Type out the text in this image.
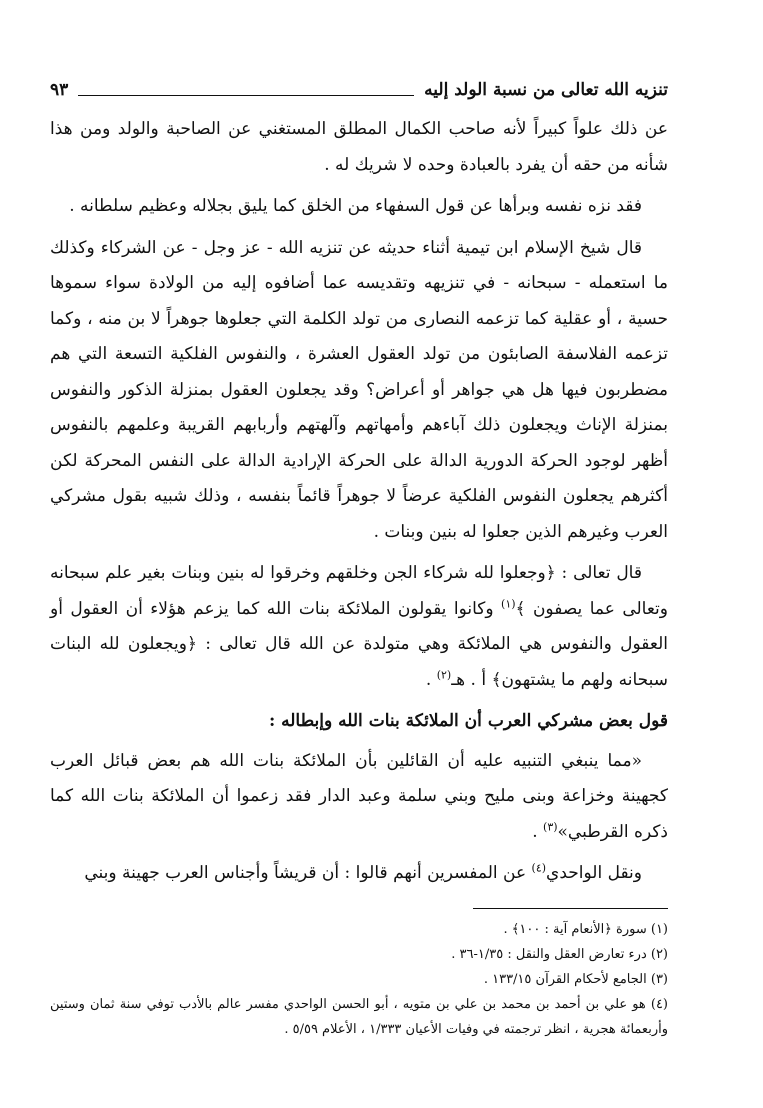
تنزيه الله تعالى من نسبة الولد إليه
٩٣

عن ذلك علواً كبيراً لأنه صاحب الكمال المطلق المستغني عن الصاحبة والولد ومن هذا شأنه من حقه أن يفرد بالعبادة وحده لا شريك له .

فقد نزه نفسه وبرأها عن قول السفهاء من الخلق كما يليق بجلاله وعظيم سلطانه .

قال شيخ الإسلام ابن تيمية أثناء حديثه عن تنزيه الله - عز وجل - عن الشركاء وكذلك ما استعمله - سبحانه - في تنزيهه وتقديسه عما أضافوه إليه من الولادة سواء سموها حسية ، أو عقلية كما تزعمه النصارى من تولد الكلمة التي جعلوها جوهراً لا بن منه ، وكما تزعمه الفلاسفة الصابئون من تولد العقول العشرة ، والنفوس الفلكية التسعة التي هم مضطربون فيها هل هي جواهر أو أعراض؟ وقد يجعلون العقول بمنزلة الذكور والنفوس بمنزلة الإناث ويجعلون ذلك آباءهم وأمهاتهم وآلهتهم وأربابهم القريبة وعلمهم بالنفوس أظهر لوجود الحركة الدورية الدالة على الحركة الإرادية الدالة على النفس المحركة لكن أكثرهم يجعلون النفوس الفلكية عرضاً لا جوهراً قائماً بنفسه ، وذلك شبيه بقول مشركي العرب وغيرهم الذين جعلوا له بنين وبنات .

قال تعالى : ﴿وجعلوا لله شركاء الجن وخلقهم وخرقوا له بنين وبنات بغير علم سبحانه وتعالى عما يصفون ﴾$^{(١)}$ وكانوا يقولون الملائكة بنات الله كما يزعم هؤلاء أن العقول أو العقول والنفوس هي الملائكة وهي متولدة عن الله قال تعالى : ﴿ويجعلون لله البنات سبحانه ولهم ما يشتهون﴾ أ . هـ$^{(٢)}$ .

قول بعض مشركي العرب أن الملائكة بنات الله وإبطاله :

«مما ينبغي التنبيه عليه أن القائلين بأن الملائكة بنات الله هم بعض قبائل العرب كجهينة وخزاعة وبنى مليح وبني سلمة وعبد الدار فقد زعموا أن الملائكة بنات الله كما ذكره القرطبي»$^{(٣)}$ .

ونقل الواحدي$^{(٤)}$ عن المفسرين أنهم قالوا : أن قريشاً وأجناس العرب جهينة وبني

(١) سورة ﴿الأنعام آية : ١٠٠﴾ .

(٢) درء تعارض العقل والنقل : ١/٣٥-٣٦ .

(٣) الجامع لأحكام القرآن ١٣٣/١٥ .

(٤) هو علي بن أحمد بن محمد بن علي بن متويه ، أبو الحسن الواحدي مفسر عالم بالأدب توفي سنة ثمان وستين وأربعمائة هجرية ، انظر ترجمته في وفيات الأعيان ١/٣٣٣ ، الأعلام ٥/٥٩ .
